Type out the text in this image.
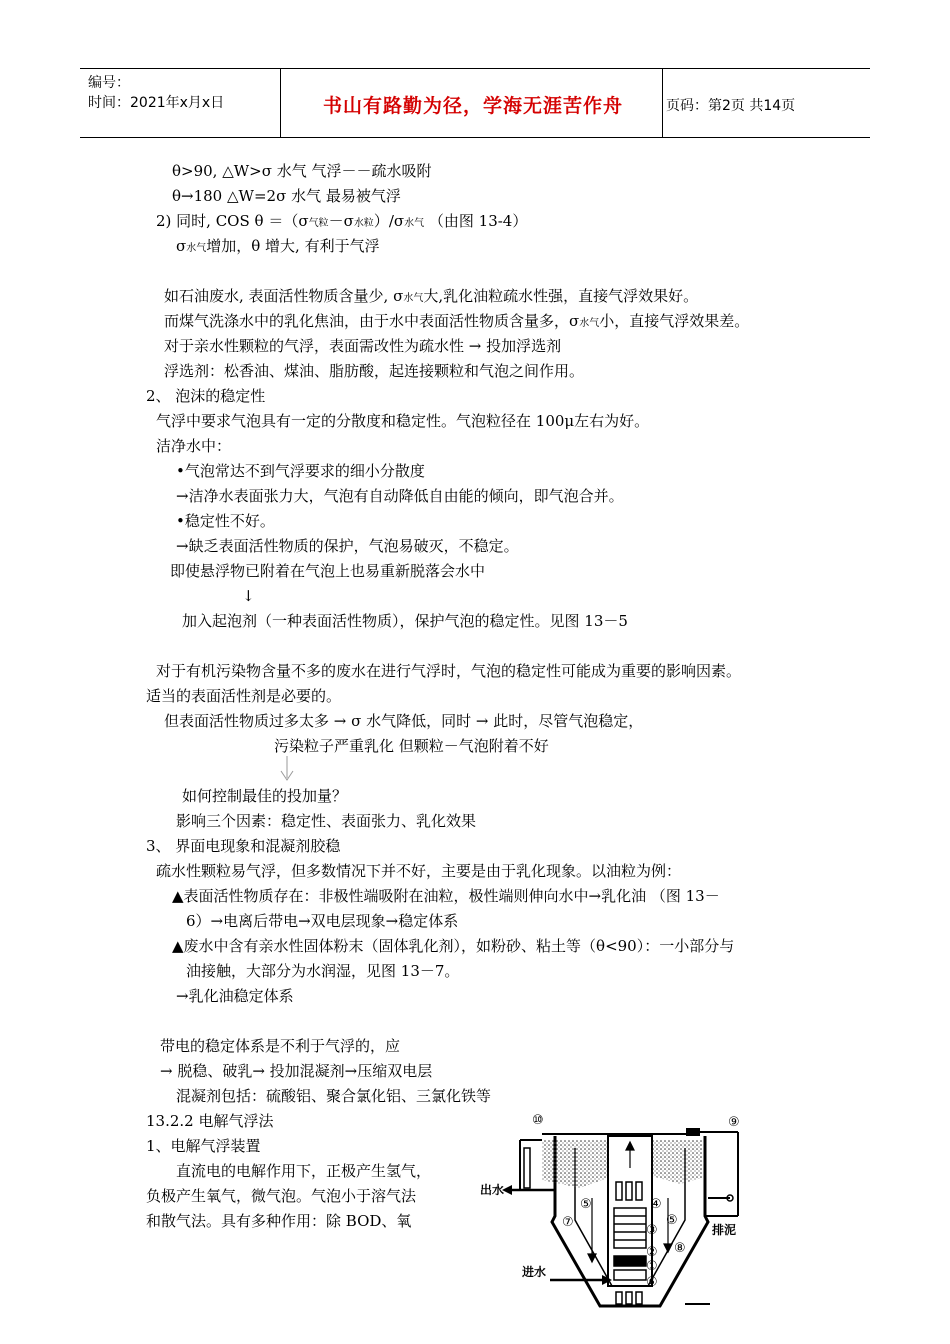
编号：
时间：2021年x月x日	书山有路勤为径，学海无涯苦作舟	页码：第2页 共14页
θ>90, △W>σ 水气 气浮－－疏水吸附
θ→180 △W=2σ 水气 最易被气浮
2) 同时, COS θ ＝（σ气粒－σ水粒）/σ水气 （由图 13-4）
σ水气增加，θ 增大, 有利于气浮
如石油废水, 表面活性物质含量少, σ水气大,乳化油粒疏水性强，直接气浮效果好。
而煤气洗涤水中的乳化焦油，由于水中表面活性物质含量多，σ水气小，直接气浮效果差。
对于亲水性颗粒的气浮，表面需改性为疏水性 → 投加浮选剂
浮选剂：松香油、煤油、脂肪酸，起连接颗粒和气泡之间作用。
2、 泡沫的稳定性
气浮中要求气泡具有一定的分散度和稳定性。气泡粒径在 100μ左右为好。
洁净水中：
•气泡常达不到气浮要求的细小分散度
→洁净水表面张力大，气泡有自动降低自由能的倾向，即气泡合并。
•稳定性不好。
→缺乏表面活性物质的保护，气泡易破灭，不稳定。
即使悬浮物已附着在气泡上也易重新脱落会水中
↓
加入起泡剂（一种表面活性物质），保护气泡的稳定性。见图 13－5
对于有机污染物含量不多的废水在进行气浮时，气泡的稳定性可能成为重要的影响因素。
适当的表面活性剂是必要的。
但表面活性物质过多太多 → σ 水气降低，同时 → 此时，尽管气泡稳定，
污染粒子严重乳化 但颗粒－气泡附着不好
如何控制最佳的投加量？
影响三个因素：稳定性、表面张力、乳化效果
3、 界面电现象和混凝剂胶稳
疏水性颗粒易气浮，但多数情况下并不好，主要是由于乳化现象。以油粒为例：
▲表面活性物质存在：非极性端吸附在油粒，极性端则伸向水中→乳化油 （图 13－
6）→电离后带电→双电层现象→稳定体系
▲废水中含有亲水性固体粉末（固体乳化剂），如粉砂、粘土等（θ<90）：一小部分与
油接触，大部分为水润湿，见图 13－7。
→乳化油稳定体系
带电的稳定体系是不利于气浮的，应
→ 脱稳、破乳→ 投加混凝剂→压缩双电层
混凝剂包括：硫酸铝、聚合氯化铝、三氯化铁等
13.2.2 电解气浮法
1、电解气浮装置
直流电的电解作用下，正极产生氢气，
负极产生氧气，微气泡。气泡小于溶气法
和散气法。具有多种作用：除 BOD、氧
出水
排泥
进水
⑩	⑨
⑤
⑤
④
③
②
①
⑥
⑦
⑧
